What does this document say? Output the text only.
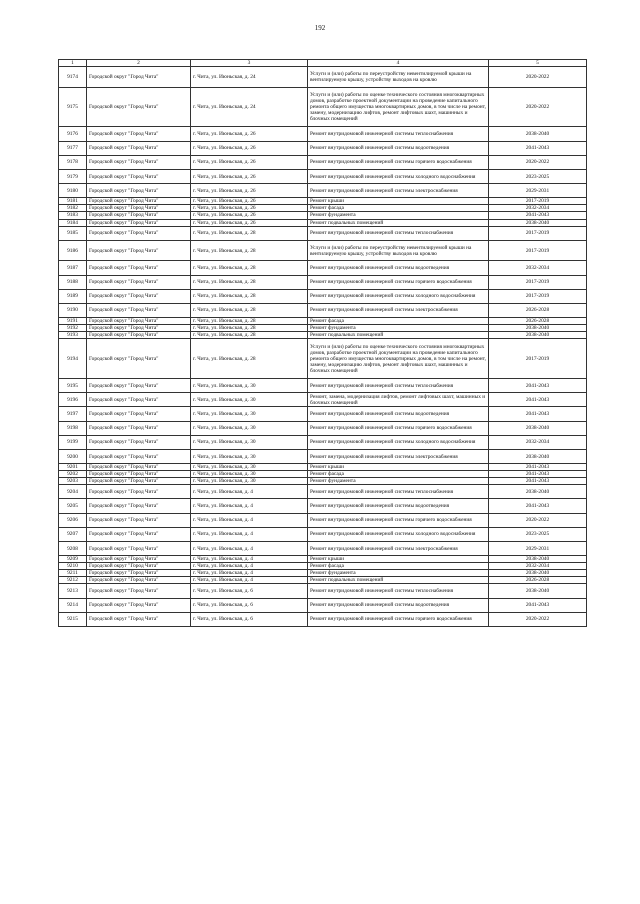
192
1	2	3	4	5
9174	Городской округ "Город Чита"	г. Чита, ул. Июньская, д. 24	Услуги и (или) работы по переустройству невентилируемой крыши на вентилируемую крышу, устройству выходов на кровлю	2020-2022
9175	Городской округ "Город Чита"	г. Чита, ул. Июньская, д. 24	Услуги и (или) работы по оценке технического состояния многоквартирных домов, разработке проектной документации на проведение капитального ремонта общего имущества многоквартирных домов, в том числе на ремонт, замену, модернизацию лифтов, ремонт лифтовых шахт, машинных и блочных помещений	2020-2022
9176	Городской округ "Город Чита"	г. Чита, ул. Июньская, д. 26	Ремонт внутридомовой инженерной системы теплоснабжения	2038-2040
9177	Городской округ "Город Чита"	г. Чита, ул. Июньская, д. 26	Ремонт внутридомовой инженерной системы водоотведения	2041-2043
9178	Городской округ "Город Чита"	г. Чита, ул. Июньская, д. 26	Ремонт внутридомовой инженерной системы горячего водоснабжения	2020-2022
9179	Городской округ "Город Чита"	г. Чита, ул. Июньская, д. 26	Ремонт внутридомовой инженерной системы холодного водоснабжения	2023-2025
9180	Городской округ "Город Чита"	г. Чита, ул. Июньская, д. 26	Ремонт внутридомовой инженерной системы электроснабжения	2029-2031
9181	Городской округ "Город Чита"	г. Чита, ул. Июньская, д. 26	Ремонт крыши	2017-2019
9182	Городской округ "Город Чита"	г. Чита, ул. Июньская, д. 26	Ремонт фасада	2032-2034
9183	Городской округ "Город Чита"	г. Чита, ул. Июньская, д. 26	Ремонт фундамента	2041-2043
9184	Городской округ "Город Чита"	г. Чита, ул. Июньская, д. 26	Ремонт подвальных помещений	2038-2040
9185	Городской округ "Город Чита"	г. Чита, ул. Июньская, д. 28	Ремонт внутридомовой инженерной системы теплоснабжения	2017-2019
9186	Городской округ "Город Чита"	г. Чита, ул. Июньская, д. 28	Услуги и (или) работы по переустройству невентилируемой крыши на вентилируемую крышу, устройству выходов на кровлю	2017-2019
9187	Городской округ "Город Чита"	г. Чита, ул. Июньская, д. 28	Ремонт внутридомовой инженерной системы водоотведения	2032-2034
9188	Городской округ "Город Чита"	г. Чита, ул. Июньская, д. 28	Ремонт внутридомовой инженерной системы горячего водоснабжения	2017-2019
9189	Городской округ "Город Чита"	г. Чита, ул. Июньская, д. 28	Ремонт внутридомовой инженерной системы холодного водоснабжения	2017-2019
9190	Городской округ "Город Чита"	г. Чита, ул. Июньская, д. 28	Ремонт внутридомовой инженерной системы электроснабжения	2026-2028
9191	Городской округ "Город Чита"	г. Чита, ул. Июньская, д. 28	Ремонт фасада	2026-2028
9192	Городской округ "Город Чита"	г. Чита, ул. Июньская, д. 28	Ремонт фундамента	2038-2040
9193	Городской округ "Город Чита"	г. Чита, ул. Июньская, д. 28	Ремонт подвальных помещений	2038-2040
9194	Городской округ "Город Чита"	г. Чита, ул. Июньская, д. 28	Услуги и (или) работы по оценке технического состояния многоквартирных домов, разработке проектной документации на проведение капитального ремонта общего имущества многоквартирных домов, в том числе на ремонт, замену, модернизацию лифтов, ремонт лифтовых шахт, машинных и блочных помещений	2017-2019
9195	Городской округ "Город Чита"	г. Чита, ул. Июньская, д. 30	Ремонт внутридомовой инженерной системы теплоснабжения	2041-2043
9196	Городской округ "Город Чита"	г. Чита, ул. Июньская, д. 30	Ремонт, замена, модернизация лифтов, ремонт лифтовых шахт, машинных и блочных помещений	2041-2043
9197	Городской округ "Город Чита"	г. Чита, ул. Июньская, д. 30	Ремонт внутридомовой инженерной системы водоотведения	2041-2043
9198	Городской округ "Город Чита"	г. Чита, ул. Июньская, д. 30	Ремонт внутридомовой инженерной системы горячего водоснабжения	2038-2040
9199	Городской округ "Город Чита"	г. Чита, ул. Июньская, д. 30	Ремонт внутридомовой инженерной системы холодного водоснабжения	2032-2034
9200	Городской округ "Город Чита"	г. Чита, ул. Июньская, д. 30	Ремонт внутридомовой инженерной системы электроснабжения	2038-2040
9201	Городской округ "Город Чита"	г. Чита, ул. Июньская, д. 30	Ремонт крыши	2041-2043
9202	Городской округ "Город Чита"	г. Чита, ул. Июньская, д. 30	Ремонт фасада	2041-2043
9203	Городской округ "Город Чита"	г. Чита, ул. Июньская, д. 30	Ремонт фундамента	2041-2043
9204	Городской округ "Город Чита"	г. Чита, ул. Июньская, д. 4	Ремонт внутридомовой инженерной системы теплоснабжения	2038-2040
9205	Городской округ "Город Чита"	г. Чита, ул. Июньская, д. 4	Ремонт внутридомовой инженерной системы водоотведения	2041-2043
9206	Городской округ "Город Чита"	г. Чита, ул. Июньская, д. 4	Ремонт внутридомовой инженерной системы горячего водоснабжения	2020-2022
9207	Городской округ "Город Чита"	г. Чита, ул. Июньская, д. 4	Ремонт внутридомовой инженерной системы холодного водоснабжения	2023-2025
9208	Городской округ "Город Чита"	г. Чита, ул. Июньская, д. 4	Ремонт внутридомовой инженерной системы электроснабжения	2029-2031
9209	Городской округ "Город Чита"	г. Чита, ул. Июньская, д. 4	Ремонт крыши	2038-2040
9210	Городской округ "Город Чита"	г. Чита, ул. Июньская, д. 4	Ремонт фасада	2032-2034
9211	Городской округ "Город Чита"	г. Чита, ул. Июньская, д. 4	Ремонт фундамента	2038-2040
9212	Городской округ "Город Чита"	г. Чита, ул. Июньская, д. 4	Ремонт подвальных помещений	2026-2028
9213	Городской округ "Город Чита"	г. Чита, ул. Июньская, д. 6	Ремонт внутридомовой инженерной системы теплоснабжения	2038-2040
9214	Городской округ "Город Чита"	г. Чита, ул. Июньская, д. 6	Ремонт внутридомовой инженерной системы водоотведения	2041-2043
9215	Городской округ "Город Чита"	г. Чита, ул. Июньская, д. 6	Ремонт внутридомовой инженерной системы горячего водоснабжения	2020-2022
